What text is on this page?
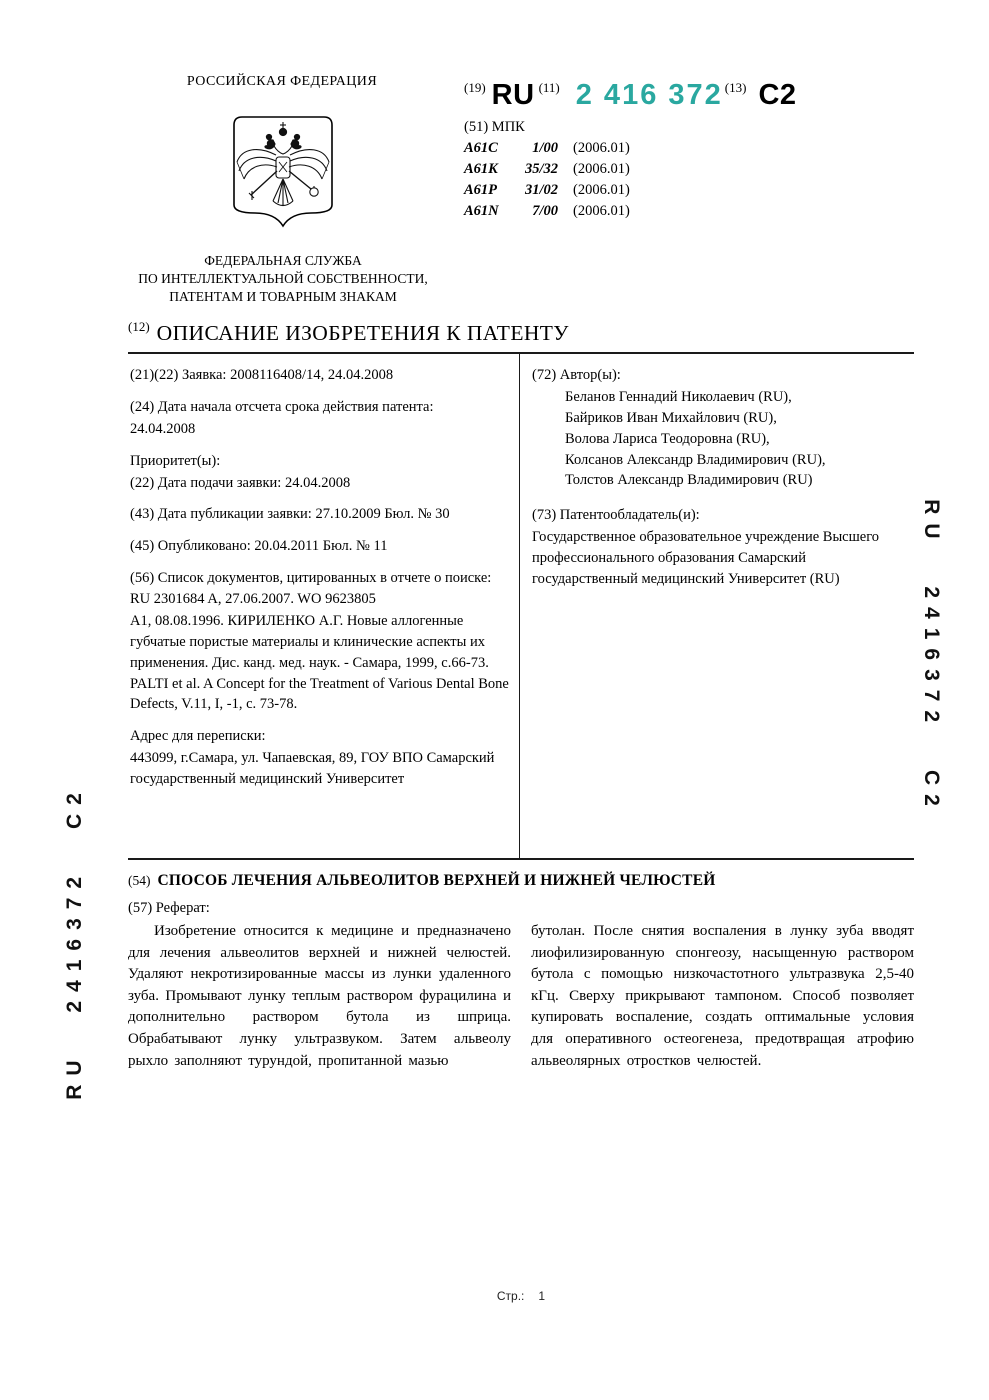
РОССИЙСКАЯ ФЕДЕРАЦИЯ	(19) RU (11) 2 416 372 (13) C2
(51) МПК
A61C	1/00 (2006.01)
A61K	35/32 (2006.01)
A61P	31/02 (2006.01)
A61N	7/00 (2006.01)
ФЕДЕРАЛЬНАЯ СЛУЖБА
ПО ИНТЕЛЛЕКТУАЛЬНОЙ СОБСТВЕННОСТИ,
ПАТЕНТАМ И ТОВАРНЫМ ЗНАКАМ
$^{(12)}$ ОПИСАНИЕ ИЗОБРЕТЕНИЯ К ПАТЕНТУ

(21)(22) Заявка: 2008116408/14, 24.04.2008

(24) Дата начала отсчета срока действия патента:

24.04.2008

Приоритет(ы):

(22) Дата подачи заявки: 24.04.2008

(43) Дата публикации заявки: 27.10.2009 Бюл. № 30

(45) Опубликовано: 20.04.2011 Бюл. № 11

(56) Список документов, цитированных в отчете о поиске: RU 2301684 A, 27.06.2007. WO 9623805

A1, 08.08.1996. КИРИЛЕНКО А.Г. Новые аллогенные губчатые пористые материалы и клинические аспекты их применения. Дис. канд. мед. наук. - Самара, 1999, с.66-73. PALTI et al. A Concept for the Treatment of Various Dental Bone Defects, V.11, I, -1, с. 73-78.

Адрес для переписки:

443099, г.Самара, ул. Чапаевская, 89, ГОУ ВПО Самарский государственный медицинский Университет

(72) Автор(ы):

Беланов Геннадий Николаевич (RU),
Байриков Иван Михайлович (RU),
Волова Лариса Теодоровна (RU),
Колсанов Александр Владимирович (RU),
Толстов Александр Владимирович (RU)

(73) Патентообладатель(и):

Государственное образовательное учреждение Высшего профессионального образования Самарский государственный медицинский Университет (RU)

(54) СПОСОБ ЛЕЧЕНИЯ АЛЬВЕОЛИТОВ ВЕРХНЕЙ И НИЖНЕЙ ЧЕЛЮСТЕЙ
(57) Реферат:
Изобретение относится к медицине и предназначено для лечения альвеолитов верхней и нижней челюстей. Удаляют некротизированные массы из лунки удаленного зуба. Промывают лунку теплым раствором фурацилина и дополнительно раствором бутола из шприца. Обрабатывают лунку ультразвуком. Затем альвеолу рыхло заполняют турундой, пропитанной мазью
бутолан. После снятия воспаления в лунку зуба вводят лиофилизированную спонгеозу, насыщенную раствором бутола с помощью низкочастотного ультразвука 2,5-40 кГц. Сверху прикрывают тампоном. Способ позволяет купировать воспаление, создать оптимальные условия для оперативного остеогенеза, предотвращая атрофию альвеолярных отростков челюстей.
RU 2416372 C2
RU 2416372 C2
Стр.: 1
